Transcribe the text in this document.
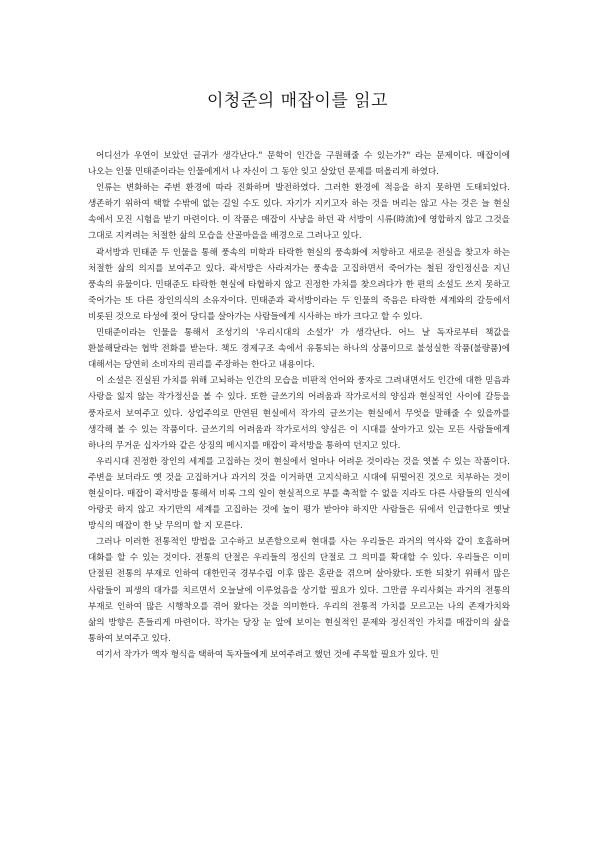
이청준의 매잡이를 읽고

어디선가 우연이 보았던 글귀가 생각난다." 문학이 인간을 구원해줄 수 있는가?" 라는 문제이다. 매잡이에 나오는 인물 민태준이라는 인물에게서 나 자신이 그 동안 잊고 살았던 문제를 떠올리게 하였다.

인류는 변화하는 주변 환경에 따라 진화하며 발전하였다. 그러한 환경에 적응을 하지 못하면 도태되었다. 생존하기 위하여 택할 수밖에 없는 길일 수도 있다. 자기가 지키고자 하는 것을 버리는 않고 사는 것은 늘 현실 속에서 모진 시험을 받기 마련이다. 이 작품은 매잡이 사냥을 하던 곽 서방이 시류(時流)에 영합하지 않고 그것을 그대로 지켜려는 처절한 삶의 모습을 산골마을을 배경으로 그려나고 있다.

곽서방과 민태준 두 인물을 통해 풍속의 미학과 타락한 현실의 풍속화에 저항하고 새로운 전실을 찾고자 하는 처절한 삶의 의지를 보여주고 있다. 곽서방은 사라져가는 풍속을 고집하면서 죽어가는 철된 장인정신을 지닌 풍속의 유물이다. 민태준도 타락한 현실에 타협하지 않고 진정한 가치를 찾으려다가 한 편의 소설도 쓰지 못하고 죽어가는 또 다른 장인의식의 소유자이다. 민태준과 곽서방이라는 두 인물의 죽음은 타락한 세계와의 갈등에서 비롯된 것으로 타성에 젖어 당디를 살아가는 사람들에게 시사하는 바가 크다고 할 수 있다.

민태준이라는 인물을 통해서 조성기의 '우리시대의 소설가' 가 생각난다. 어느 날 독자로부터 책값을 환불해달라는 협박 전화를 받는다. 책도 경제구조 속에서 유통되는 하나의 상품이므로 불성실한 작품(불량품)에 대해서는 당연히 소비자의 권리를 주장하는 한다고 내용이다.

이 소설은 진실된 가치를 위해 고뇌하는 인간의 모습을 비판적 언어와 풍자로 그려내면서도 인간에 대한 믿음과 사랑을 잃지 않는 작가정신을 볼 수 있다. 또한 글쓰기의 어려움과 작가로서의 양심과 현실적인 사이에 갈등을 풍자로서 보여주고 있다. 상업주의로 만연된 현실에서 작가의 글쓰기는 현실에서 무엇을 말해줄 수 있을까를 생각해 볼 수 있는 작품이다. 글쓰기의 어려움과 작가로서의 양심은 이 시대를 살아가고 있는 모든 사람들에게 하나의 무거운 십자가와 같은 상징의 메시지를 매잡이 곽서방을 통하여 던지고 있다.

우리시대 진정한 장인의 세계를 고집하는 것이 현실에서 얼마나 어려운 것이라는 것을 엿볼 수 있는 작품이다. 주변을 보더라도 옛 것을 고집하거나 과거의 것을 이거하면 고지식하고 시대에 뒤떨어진 것으로 치부하는 것이 현실이다. 매잡이 곽서방을 통해서 비록 그의 일이 현실적으로 부를 축적할 수 없을 지라도 다른 사람들의 인식에 아랑곳 하지 않고 자기만의 세계를 고집하는 것에 높이 평가 받아야 하지만 사람들은 뒤에서 인급한다로 옛날 방식의 매잡이 한 낮 무의미 할 지 모른다.

그러나 이러한 전통적인 방법을 고수하고 보존함으로써 현대를 사는 우리들은 과거의 역사와 같이 호흡하며 대화를 할 수 있는 것이다. 전통의 단절은 우리들의 정신의 단절로 그 의미를 확대할 수 있다. 우리들은 이미 단절된 전통의 부재로 인하여 대한민국 경부수립 이후 많은 혼란을 겪으며 살아왔다. 또한 되찾기 위해서 많은 사람들이 피생의 대가를 치르면서 오늘날에 이루었음을 상기할 필요가 있다. 그만큼 우리사회는 과거의 전통의 부재로 인하여 많은 시행착오를 겪어 왔다는 것을 의미한다. 우리의 전통적 가치를 모르고는 나의 존재가치와 삶의 방향은 흔들리게 마련이다. 작가는 당장 눈 앞에 보이는 현실적인 문제와 정신적인 가치를 매잡이의 삶을 통하여 보여주고 있다.

여기서 작가가 액자 형식을 택하여 독자들에게 보여주려고 했던 것에 주목할 필요가 있다. 민
